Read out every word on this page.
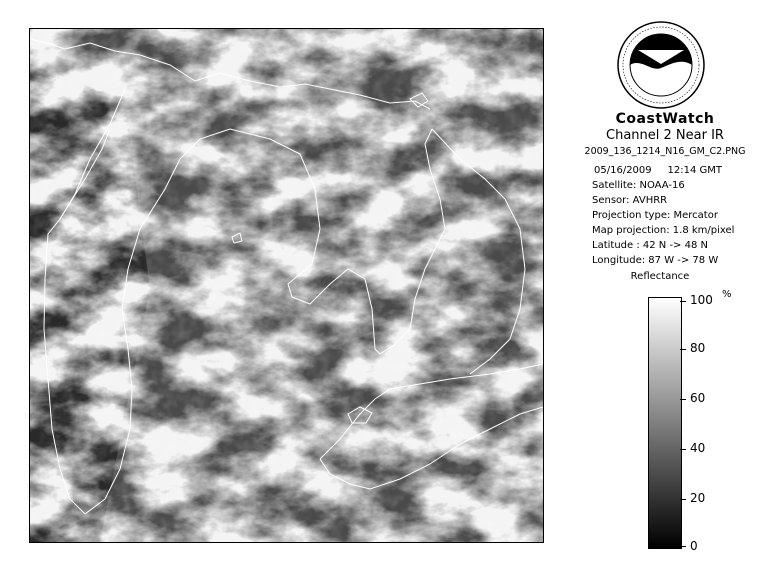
CoastWatch
Channel 2 Near IR
2009_136_1214_N16_GM_C2.PNG
05/16/2009 12:14 GMT
Satellite: NOAA-16
Sensor: AVHRR
Projection type: Mercator
Map projection: 1.8 km/pixel
Latitude : 42 N -> 48 N
Longitude: 87 W -> 78 W
Reflectance
%
100
80
60
40
20
0
